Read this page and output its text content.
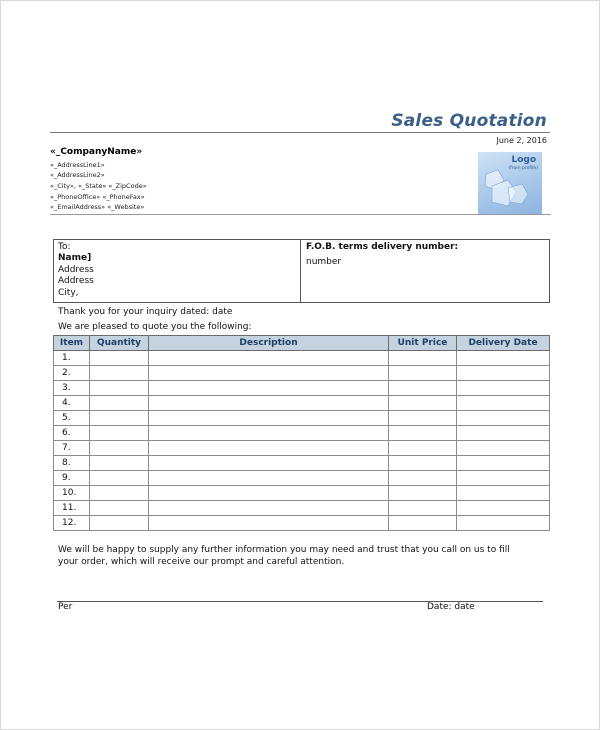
Sales Quotation
June 2, 2016
«_CompanyName»
«_AddressLine1»
«_AddressLine2»
«_City», «_State» «_ZipCode»
«_PhoneOffice» «_PhoneFax»
«_EmailAddress» «_Website»
Logo
(from profile)
To:
Name]
Address
Address
City,
F.O.B. terms delivery number:
number
Thank you for your inquiry dated: date
We are pleased to quote you the following:
Item	Quantity	Description	Unit Price	Delivery Date
1.				
2.				
3.				
4.				
5.				
6.				
7.				
8.				
9.				
10.				
11.				
12.				
We will be happy to supply any further information you may need and trust that you call on us to fill
your order, which will receive our prompt and careful attention.
Per	Date: date
